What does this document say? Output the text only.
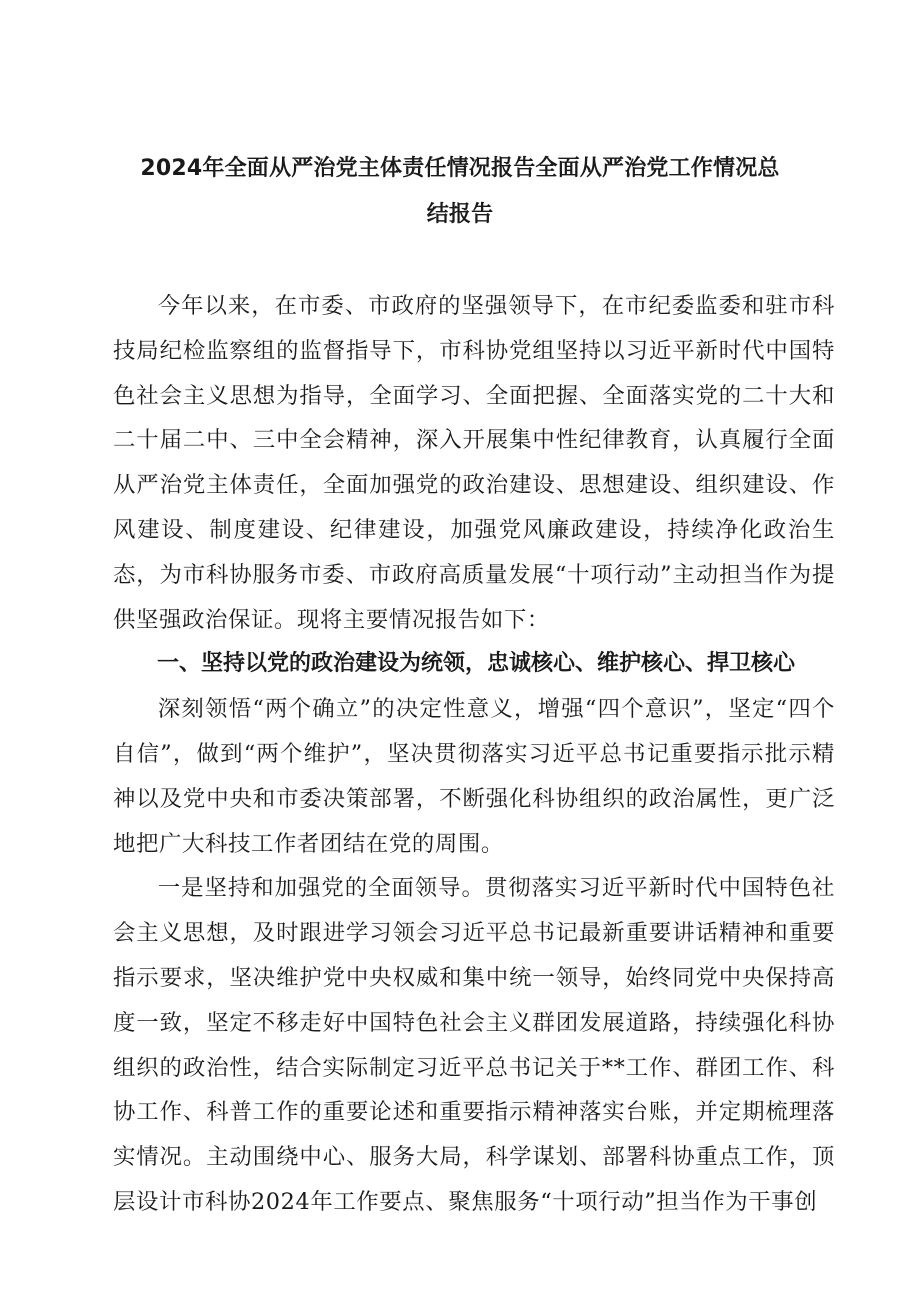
2024年全面从严治党主体责任情况报告全面从严治党工作情况总结报告

今年以来，在市委、市政府的坚强领导下，在市纪委监委和驻市科技局纪检监察组的监督指导下，市科协党组坚持以习近平新时代中国特色社会主义思想为指导，全面学习、全面把握、全面落实党的二十大和二十届二中、三中全会精神，深入开展集中性纪律教育，认真履行全面从严治党主体责任，全面加强党的政治建设、思想建设、组织建设、作风建设、制度建设、纪律建设，加强党风廉政建设，持续净化政治生态，为市科协服务市委、市政府高质量发展“十项行动”主动担当作为提供坚强政治保证。现将主要情况报告如下：

一、坚持以党的政治建设为统领，忠诚核心、维护核心、捍卫核心

深刻领悟“两个确立”的决定性意义，增强“四个意识”，坚定“四个自信”，做到“两个维护”，坚决贯彻落实习近平总书记重要指示批示精神以及党中央和市委决策部署，不断强化科协组织的政治属性，更广泛地把广大科技工作者团结在党的周围。

一是坚持和加强党的全面领导。贯彻落实习近平新时代中国特色社会主义思想，及时跟进学习领会习近平总书记最新重要讲话精神和重要指示要求，坚决维护党中央权威和集中统一领导，始终同党中央保持高度一致，坚定不移走好中国特色社会主义群团发展道路，持续强化科协组织的政治性，结合实际制定习近平总书记关于**工作、群团工作、科协工作、科普工作的重要论述和重要指示精神落实台账，并定期梳理落实情况。主动围绕中心、服务大局，科学谋划、部署科协重点工作，顶层设计市科协2024年工作要点、聚焦服务“十项行动”担当作为干事创
